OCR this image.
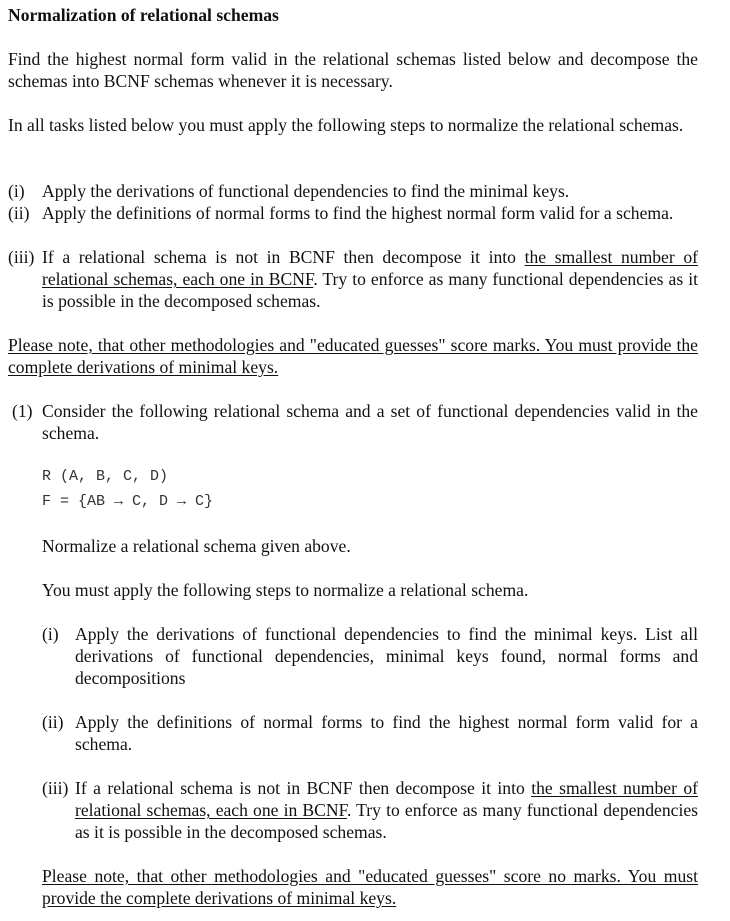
Normalization of relational schemas

Find the highest normal form valid in the relational schemas listed below and decompose the schemas into BCNF schemas whenever it is necessary.

In all tasks listed below you must apply the following steps to normalize the relational schemas.

(i) Apply the derivations of functional dependencies to find the minimal keys.
(ii) Apply the definitions of normal forms to find the highest normal form valid for a schema.
(iii) If a relational schema is not in BCNF then decompose it into the smallest number of relational schemas, each one in BCNF. Try to enforce as many functional dependencies as it is possible in the decomposed schemas.

Please note, that other methodologies and "educated guesses" score marks. You must provide the complete derivations of minimal keys.

(1) Consider the following relational schema and a set of functional dependencies valid in the schema.
R (A, B, C, D)
F = {AB → C, D → C}

Normalize a relational schema given above.

You must apply the following steps to normalize a relational schema.

(i) Apply the derivations of functional dependencies to find the minimal keys. List all derivations of functional dependencies, minimal keys found, normal forms and decompositions
(ii) Apply the definitions of normal forms to find the highest normal form valid for a schema.
(iii) If a relational schema is not in BCNF then decompose it into the smallest number of relational schemas, each one in BCNF. Try to enforce as many functional dependencies as it is possible in the decomposed schemas.

Please note, that other methodologies and "educated guesses" score no marks. You must provide the complete derivations of minimal keys.
